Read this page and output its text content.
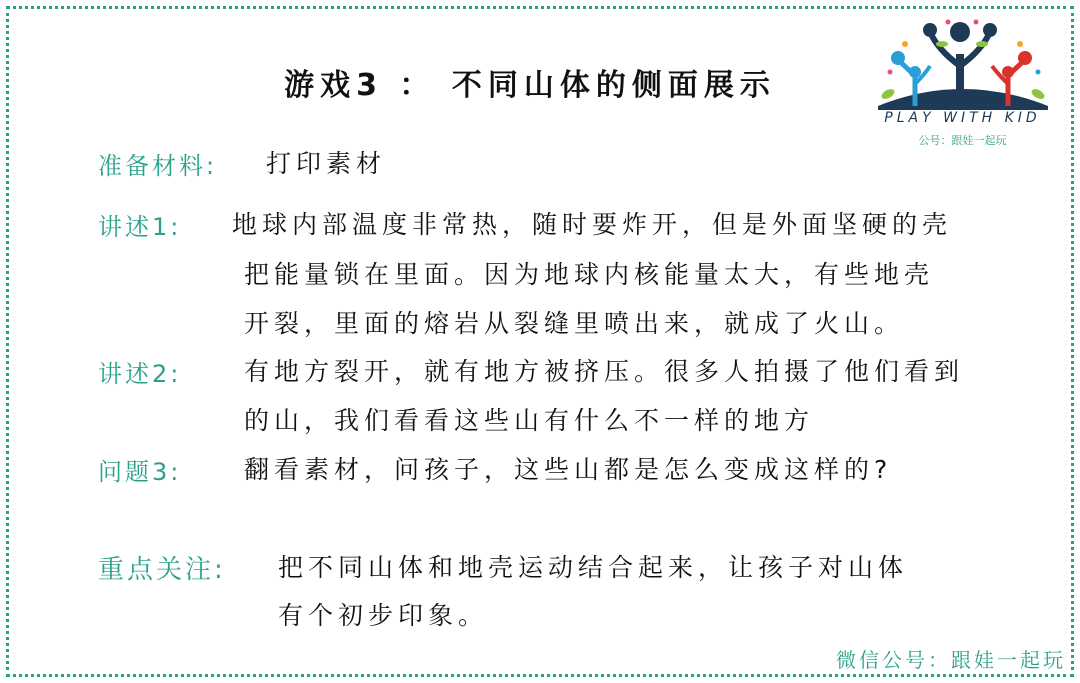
游戏3 ： 不同山体的侧面展示
PLAY WITH KID
公号：跟娃一起玩
准备材料: 打印素材
讲述1: 地球内部温度非常热，随时要炸开，但是外面坚硬的壳
把能量锁在里面。因为地球内核能量太大，有些地壳
开裂，里面的熔岩从裂缝里喷出来，就成了火山。
讲述2:	有地方裂开，就有地方被挤压。很多人拍摄了他们看到
的山，我们看看这些山有什么不一样的地方
问题3:	翻看素材，问孩子，这些山都是怎么变成这样的?
重点关注: 把不同山体和地壳运动结合起来，让孩子对山体
有个初步印象。
微信公号：跟娃一起玩
